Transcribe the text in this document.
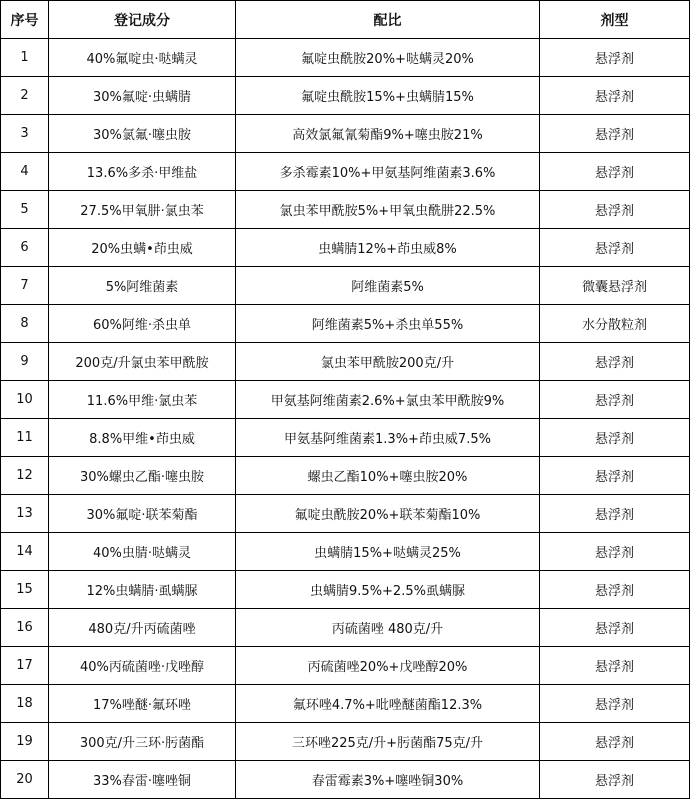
序号	登记成分	配比	剂型
1	40%氟啶虫·哒螨灵	氟啶虫酰胺20%+哒螨灵20%	悬浮剂
2	30%氟啶·虫螨腈	氟啶虫酰胺15%+虫螨腈15%	悬浮剂
3	30%氯氟·噻虫胺	高效氯氟氰菊酯9%+噻虫胺21%	悬浮剂
4	13.6%多杀·甲维盐	多杀霉素10%+甲氨基阿维菌素3.6%	悬浮剂
5	27.5%甲氧肼·氯虫苯	氯虫苯甲酰胺5%+甲氧虫酰肼22.5%	悬浮剂
6	20%虫螨•茚虫威	虫螨腈12%+茚虫威8%	悬浮剂
7	5%阿维菌素	阿维菌素5%	微囊悬浮剂
8	60%阿维·杀虫单	阿维菌素5%+杀虫单55%	水分散粒剂
9	200克/升氯虫苯甲酰胺	氯虫苯甲酰胺200克/升	悬浮剂
10	11.6%甲维·氯虫苯	甲氨基阿维菌素2.6%+氯虫苯甲酰胺9%	悬浮剂
11	8.8%甲维•茚虫威	甲氨基阿维菌素1.3%+茚虫威7.5%	悬浮剂
12	30%螺虫乙酯·噻虫胺	螺虫乙酯10%+噻虫胺20%	悬浮剂
13	30%氟啶·联苯菊酯	氟啶虫酰胺20%+联苯菊酯10%	悬浮剂
14	40%虫腈·哒螨灵	虫螨腈15%+哒螨灵25%	悬浮剂
15	12%虫螨腈·虱螨脲	虫螨腈9.5%+2.5%虱螨脲	悬浮剂
16	480克/升丙硫菌唑	丙硫菌唑 480克/升	悬浮剂
17	40%丙硫菌唑·戊唑醇	丙硫菌唑20%+戊唑醇20%	悬浮剂
18	17%唑醚·氟环唑	氟环唑4.7%+吡唑醚菌酯12.3%	悬浮剂
19	300克/升三环·肟菌酯	三环唑225克/升+肟菌酯75克/升	悬浮剂
20	33%春雷·噻唑铜	春雷霉素3%+噻唑铜30%	悬浮剂
